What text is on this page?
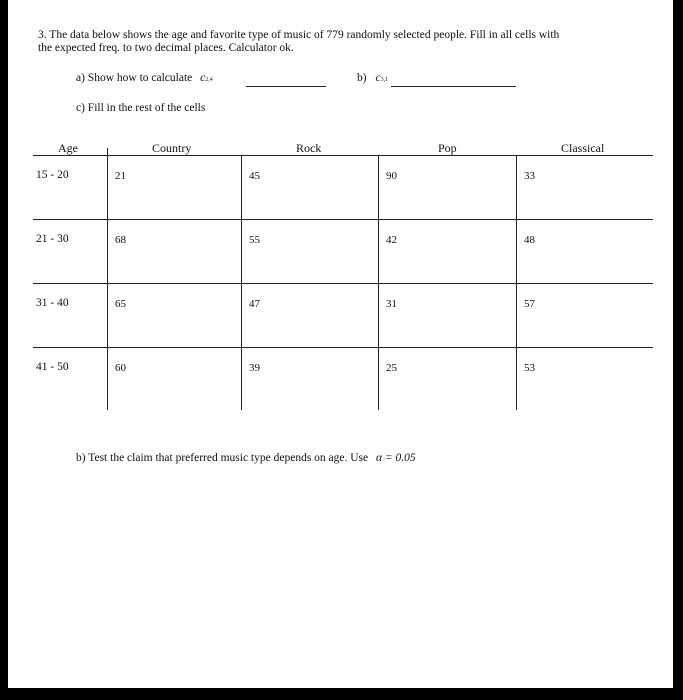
3. The data below shows the age and favorite type of music of 779 randomly selected people. Fill in all cells with
the expected freq. to two decimal places. Calculator ok.
a) Show how to calculate c2,4	b) c3,1
c) Fill in the rest of the cells
Age	Country	Rock	Pop	Classical
15 - 20	21	45	90	33
21 - 30	68	55	42	48
31 - 40	65	47	31	57
41 - 50	60	39	25	53
b) Test the claim that preferred music type depends on age. Use α = 0.05
